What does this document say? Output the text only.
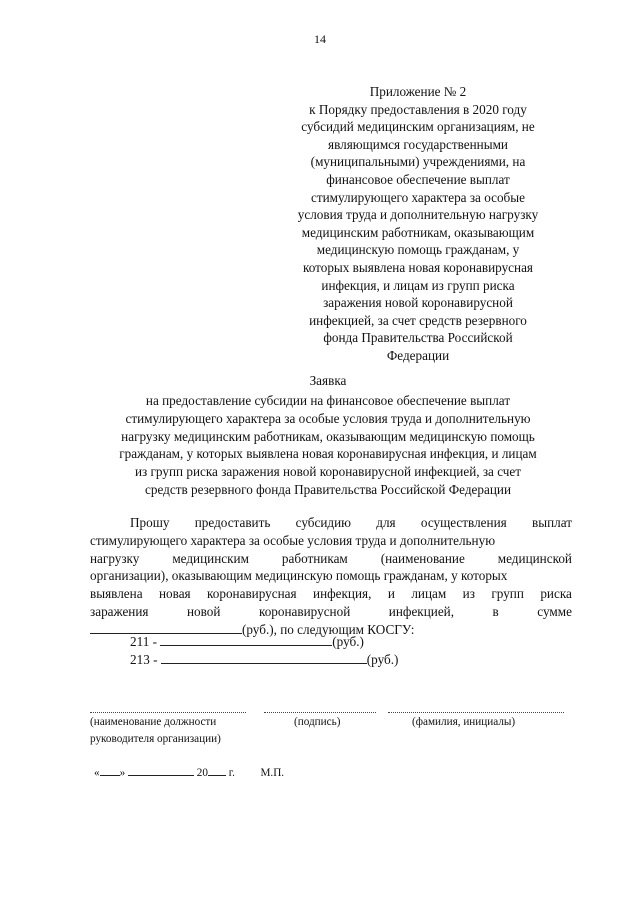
14
Приложение № 2
к Порядку предоставления в 2020 году
субсидий медицинским организациям, не
являющимся государственными
(муниципальными) учреждениями, на
финансовое обеспечение выплат
стимулирующего характера за особые
условия труда и дополнительную нагрузку
медицинским работникам, оказывающим
медицинскую помощь гражданам, у
которых выявлена новая коронавирусная
инфекция, и лицам из групп риска
заражения новой коронавирусной
инфекцией, за счет средств резервного
фонда Правительства Российской
Федерации
Заявка
на предоставление субсидии на финансовое обеспечение выплат
стимулирующего характера за особые условия труда и дополнительную
нагрузку медицинским работникам, оказывающим медицинскую помощь
гражданам, у которых выявлена новая коронавирусная инфекция, и лицам
из групп риска заражения новой коронавирусной инфекцией, за счет
средств резервного фонда Правительства Российской Федерации
Прошу предоставить субсидию для осуществления выплат
стимулирующего характера за особые условия труда и дополнительную
нагрузку медицинским работникам (наименование медицинской
организации), оказывающим медицинскую помощь гражданам, у которых
выявлена новая коронавирусная инфекция, и лицам из групп риска
заражения	новой	коронавирусной	инфекцией,	в	сумме
(руб.), по следующим КОСГУ:
211 -	(руб.)
213 -	(руб.)
(наименование должности
руководителя организации)
(подпись)	(фамилия, инициалы)
« »	20 г. М.П.
